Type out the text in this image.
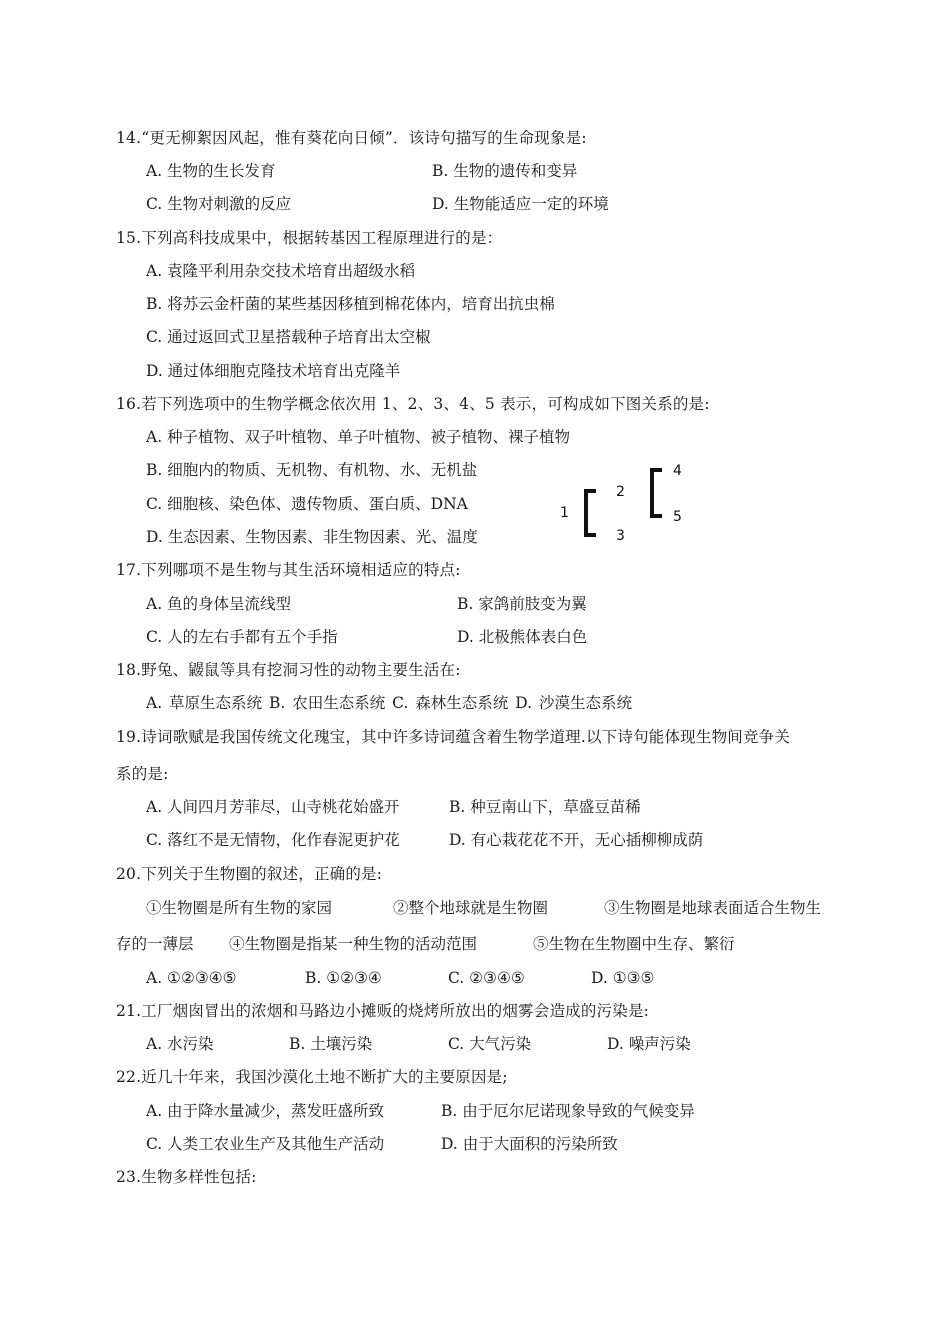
14.“更无柳絮因风起，惟有葵花向日倾”．该诗句描写的生命现象是:
A. 生物的生长发育	B. 生物的遗传和变异
C. 生物对刺激的反应	D. 生物能适应一定的环境
15.下列高科技成果中，根据转基因工程原理进行的是：
A. 袁隆平利用杂交技术培育出超级水稻
B. 将苏云金杆菌的某些基因移植到棉花体内，培育出抗虫棉
C. 通过返回式卫星搭载种子培育出太空椒
D. 通过体细胞克隆技术培育出克隆羊
16.若下列选项中的生物学概念依次用 1、2、3、4、5 表示，可构成如下图关系的是:
A. 种子植物、双子叶植物、单子叶植物、被子植物、裸子植物
B. 细胞内的物质、无机物、有机物、水、无机盐
C. 细胞核、染色体、遗传物质、蛋白质、DNA
D. 生态因素、生物因素、非生物因素、光、温度
1
2
3
4
5
17.下列哪项不是生物与其生活环境相适应的特点:
A. 鱼的身体呈流线型	B. 家鸽前肢变为翼
C. 人的左右手都有五个手指	D. 北极熊体表白色
18.野兔、鼹鼠等具有挖洞习性的动物主要生活在:
A. 草原生态系统 B. 农田生态系统 C. 森林生态系统 D. 沙漠生态系统
19.诗词歌赋是我国传统文化瑰宝，其中许多诗词蕴含着生物学道理.以下诗句能体现生物间竞争关
系的是:
A. 人间四月芳菲尽，山寺桃花始盛开	B. 种豆南山下，草盛豆苗稀
C. 落红不是无情物，化作春泥更护花	D. 有心栽花花不开，无心插柳柳成荫
20.下列关于生物圈的叙述，正确的是:
①生物圈是所有生物的家园	②整个地球就是生物圈	③生物圈是地球表面适合生物生
存的一薄层 ④生物圈是指某一种生物的活动范围	⑤生物在生物圈中生存、繁衍
A. ①②③④⑤	B. ①②③④	C. ②③④⑤	D. ①③⑤
21.工厂烟囱冒出的浓烟和马路边小摊贩的烧烤所放出的烟雾会造成的污染是:
A. 水污染	B. 土壤污染	C. 大气污染	D. 噪声污染
22.近几十年来，我国沙漠化土地不断扩大的主要原因是;
A. 由于降水量减少，蒸发旺盛所致	B. 由于厄尔尼诺现象导致的气候变异
C. 人类工农业生产及其他生产活动	D. 由于大面积的污染所致
23.生物多样性包括:
